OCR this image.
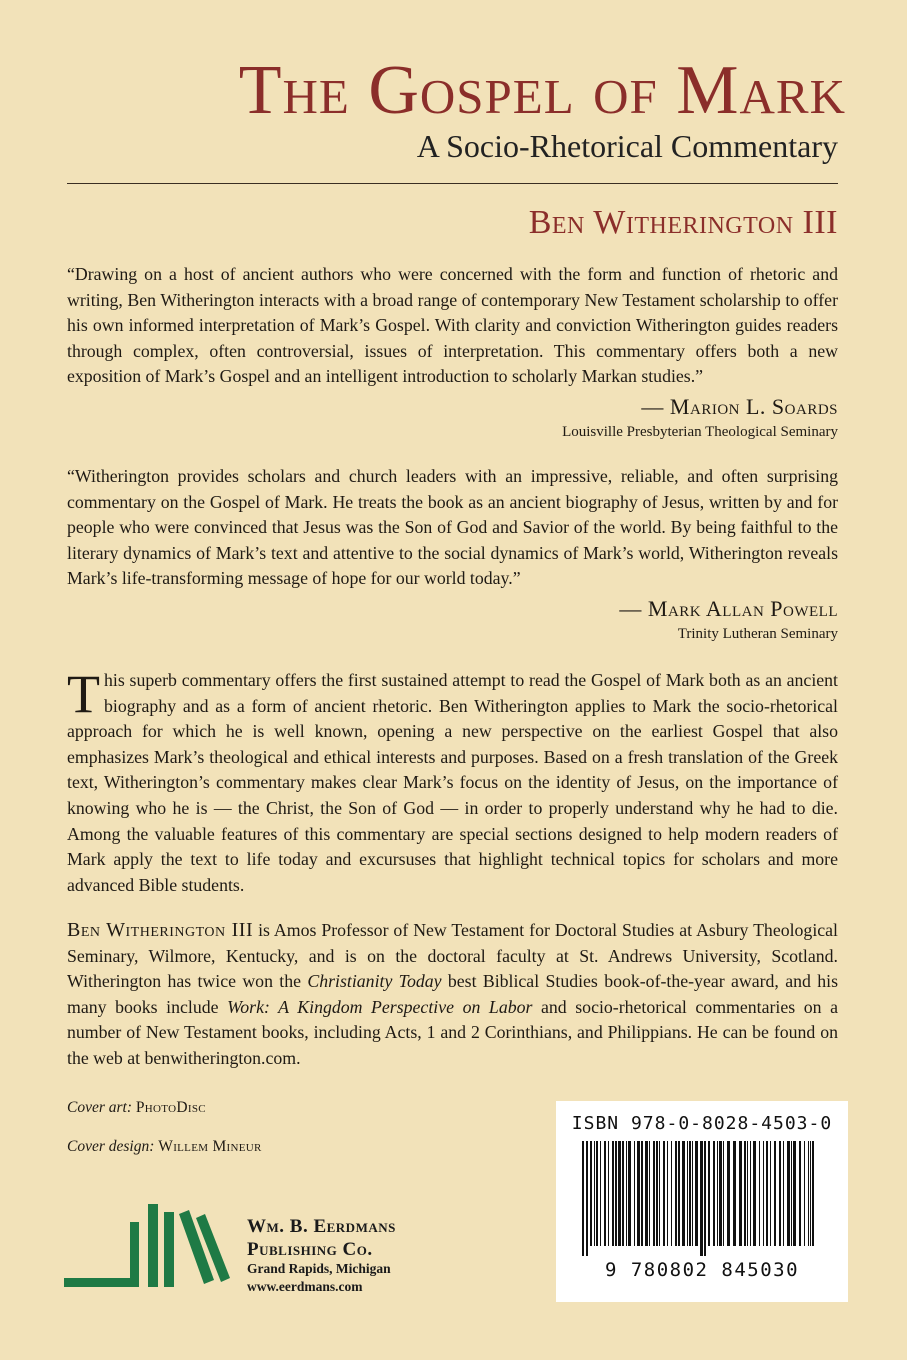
The Gospel of Mark
A Socio-Rhetorical Commentary
Ben Witherington III

“Drawing on a host of ancient authors who were concerned with the form and function of rhetoric and writing, Ben Witherington interacts with a broad range of contemporary New Testament scholarship to offer his own informed interpretation of Mark’s Gospel. With clarity and conviction Witherington guides readers through complex, often controversial, issues of interpretation. This commentary offers both a new exposition of Mark’s Gospel and an intelligent introduction to scholarly Markan studies.”

— Marion L. Soards
Louisville Presbyterian Theological Seminary

“Witherington provides scholars and church leaders with an impressive, reliable, and often surprising commentary on the Gospel of Mark. He treats the book as an ancient biography of Jesus, written by and for people who were convinced that Jesus was the Son of God and Savior of the world. By being faithful to the literary dynamics of Mark’s text and attentive to the social dynamics of Mark’s world, Witherington reveals Mark’s life-transforming message of hope for our world today.”

— Mark Allan Powell
Trinity Lutheran Seminary

This superb commentary offers the first sustained attempt to read the Gospel of Mark both as an ancient biography and as a form of ancient rhetoric. Ben Witherington applies to Mark the socio-rhetorical approach for which he is well known, opening a new perspective on the earliest Gospel that also emphasizes Mark’s theological and ethical interests and purposes. Based on a fresh translation of the Greek text, Witherington’s commentary makes clear Mark’s focus on the identity of Jesus, on the importance of knowing who he is — the Christ, the Son of God — in order to properly understand why he had to die. Among the valuable features of this commentary are special sections designed to help modern readers of Mark apply the text to life today and excursuses that highlight technical topics for scholars and more advanced Bible students.

Ben Witherington III is Amos Professor of New Testament for Doctoral Studies at Asbury Theological Seminary, Wilmore, Kentucky, and is on the doctoral faculty at St. Andrews University, Scotland. Witherington has twice won the Christianity Today best Biblical Studies book-of-the-year award, and his many books include Work: A Kingdom Perspective on Labor and socio-rhetorical commentaries on a number of New Testament books, including Acts, 1 and 2 Corinthians, and Philippians. He can be found on the web at benwitherington.com.

Cover art: PhotoDisc
Cover design: Willem Mineur
ISBN 978-0-8028-4503-0
9 780802 845030
Wm. B. Eerdmans
Publishing Co.
Grand Rapids, Michigan
www.eerdmans.com
